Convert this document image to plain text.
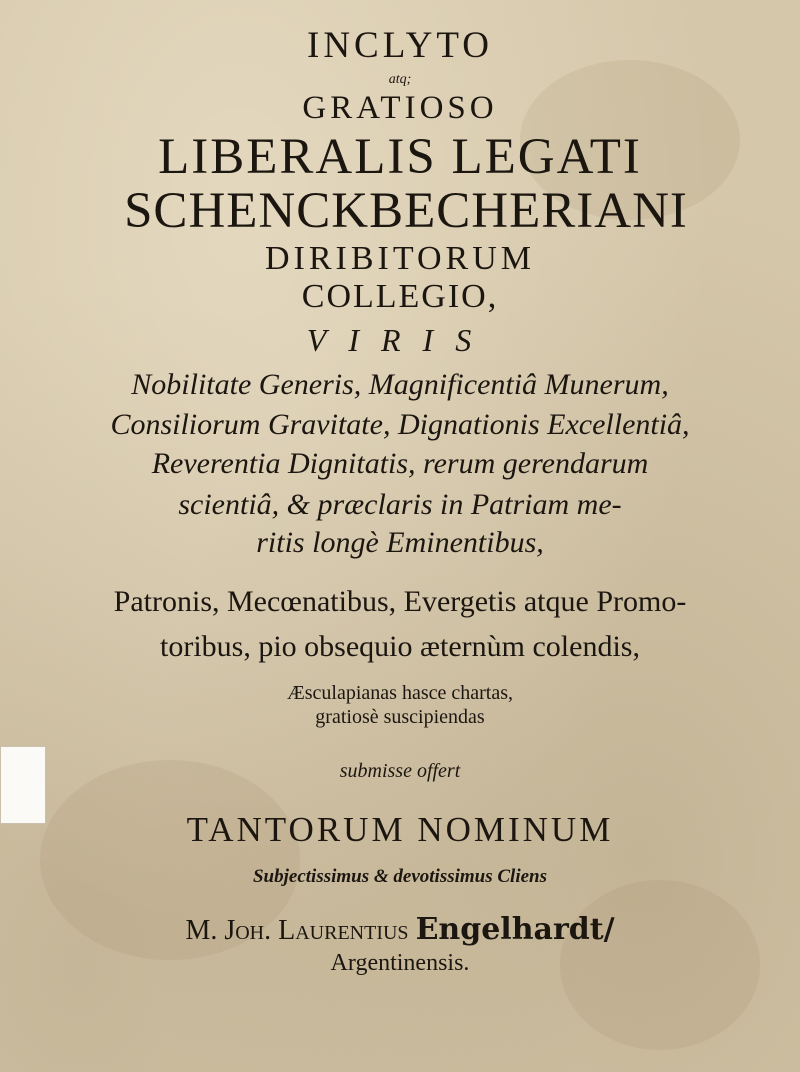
INCLYTO
atq;
GRATIOSO
LIBERALIS LEGATI
SCHENCKBECHERIANI
DIRIBITORUM
COLLEGIO,
VIRIS
Nobilitate Generis, Magnificentiâ Munerum,
Consiliorum Gravitate, Dignationis Excellentiâ,
Reverentia Dignitatis, rerum gerendarum
scientiâ, & præclaris in Patriam me-
ritis longè Eminentibus,
Patronis, Mecœnatibus, Evergetis atque Promo-
toribus, pio obsequio æternùm colendis,
Æsculapianas hasce chartas,
gratiosè suscipiendas
submisse offert
TANTORUM NOMINUM
Subjectissimus & devotissimus Cliens
M. Joh. Laurentius Engelhardt/
Argentinensis.
